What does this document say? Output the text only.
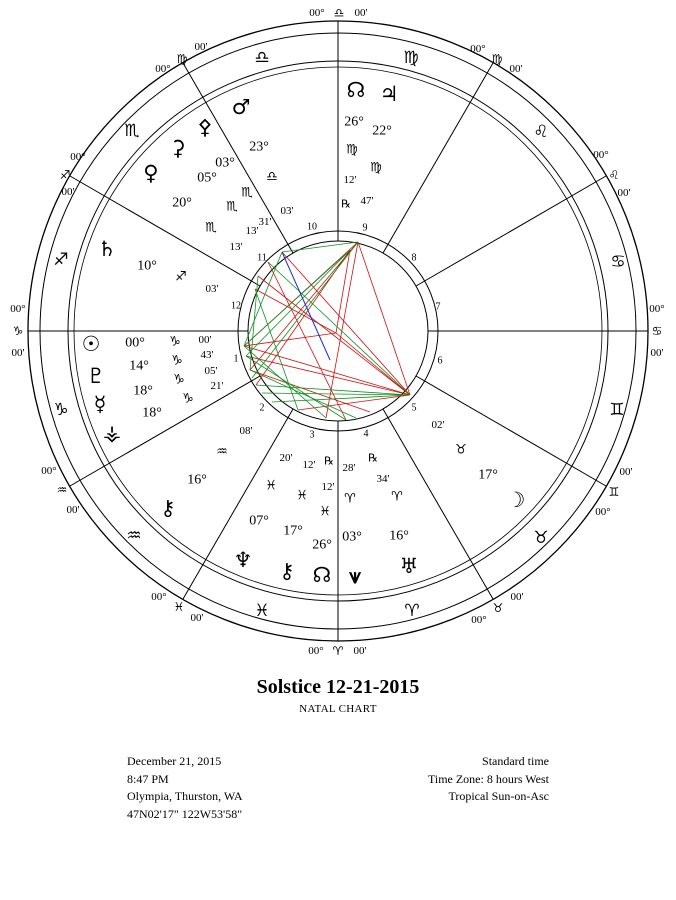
00° ♎ 00'
00°
00'
♍
00°
00'
♐
00°
♑
00'
00°
♒
00'
00°
♓
00'
00° ♈ 00'
00°
♍
00'
00°
♌
00'
00°
♋
00'
00'
♊
00°
00'
♉
00°
♎	♍
♌
♋
♊
♉
♈
♓
♒
♑
♐
♏
♂
23°
♎
03'
⚳
03°
♏
31'
⚴
05°
♏
13'
♀
20°
♏
13'
♄
10°
♐
03'
☉ 00° ♑ 00'
♇ 14° ♑ 43'
☿
18°
♑
05'
⚶
18°
♑
21'
⚷
16°
♒
08'
♆
07°
♓
20'
⚷
17°
♓
12'
☊
26°
♓
12'
♅
16°
♈
34'
⩛
03°
♈
28'
☽
17°
♉
02'
☊
26°
♍
12'
♃
22°
♍
47'
℞
℞	℞
10	9
8
7
6
5
4
3
2
1
12
11
Solstice 12-21-2015
NATAL CHART
December 21, 2015
8:47 PM
Olympia, Thurston, WA
47N02'17" 122W53'58"
Standard time
Time Zone: 8 hours West
Tropical Sun-on-Asc
